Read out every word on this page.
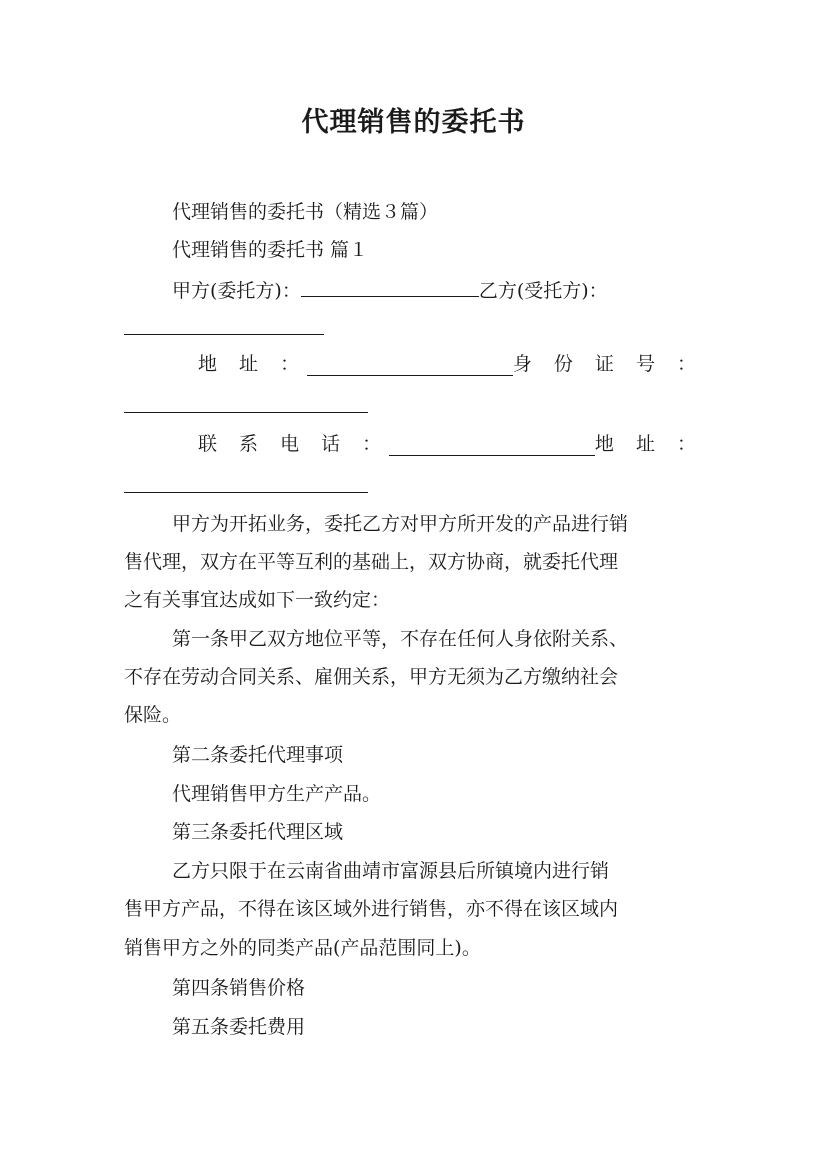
代理销售的委托书
代理销售的委托书（精选３篇）
代理销售的委托书 篇１
甲方(委托方)：	乙方(受托方)：
地 址 ：	身 份 证 号 ：
联 系 电 话 ：	地 址 ：
甲方为开拓业务，委托乙方对甲方所开发的产品进行销
售代理，双方在平等互利的基础上，双方协商，就委托代理
之有关事宜达成如下一致约定：
第一条甲乙双方地位平等，不存在任何人身依附关系、
不存在劳动合同关系、雇佣关系，甲方无须为乙方缴纳社会
保险。
第二条委托代理事项
代理销售甲方生产产品。
第三条委托代理区域
乙方只限于在云南省曲靖市富源县后所镇境内进行销
售甲方产品，不得在该区域外进行销售，亦不得在该区域内
销售甲方之外的同类产品(产品范围同上)。
第四条销售价格
第五条委托费用
